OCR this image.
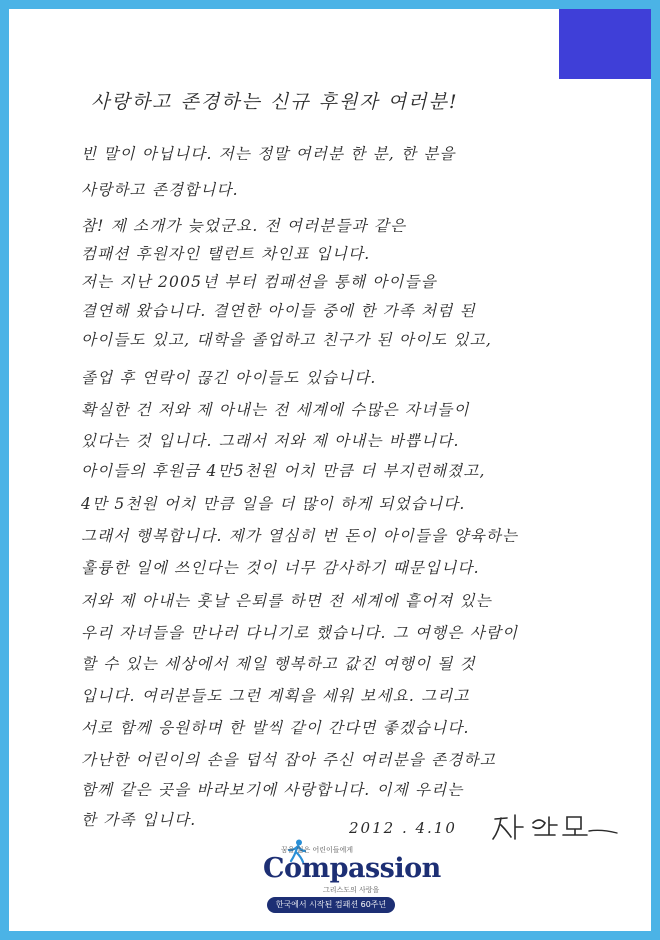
사랑하고 존경하는 신규 후원자 여러분!
빈 말이 아닙니다. 저는 정말 여러분 한 분, 한 분을
사랑하고 존경합니다.
참! 제 소개가 늦었군요. 전 여러분들과 같은
컴패션 후원자인 탤런트 차인표 입니다.
저는 지난 2005년 부터 컴패션을 통해 아이들을
결연해 왔습니다. 결연한 아이들 중에 한 가족 처럼 된
아이들도 있고, 대학을 졸업하고 친구가 된 아이도 있고,
졸업 후 연락이 끊긴 아이들도 있습니다.
확실한 건 저와 제 아내는 전 세계에 수많은 자녀들이
있다는 것 입니다. 그래서 저와 제 아내는 바쁩니다.
아이들의 후원금 4만5천원 어치 만큼 더 부지런해졌고,
4만 5천원 어치 만큼 일을 더 많이 하게 되었습니다.
그래서 행복합니다. 제가 열심히 번 돈이 아이들을 양육하는
훌륭한 일에 쓰인다는 것이 너무 감사하기 때문입니다.
저와 제 아내는 훗날 은퇴를 하면 전 세계에 흩어져 있는
우리 자녀들을 만나러 다니기로 했습니다. 그 여행은 사람이
할 수 있는 세상에서 제일 행복하고 값진 여행이 될 것
입니다. 여러분들도 그런 계획을 세워 보세요. 그리고
서로 함께 응원하며 한 발씩 같이 간다면 좋겠습니다.
가난한 어린이의 손을 덥석 잡아 주신 여러분을 존경하고
함께 같은 곳을 바라보기에 사랑합니다. 이제 우리는
한 가족 입니다.	2012 . 4.10
꿈을 잃은 어린이들에게
Compassion
그리스도의 사랑을
한국에서 시작된 컴패션 60주년
